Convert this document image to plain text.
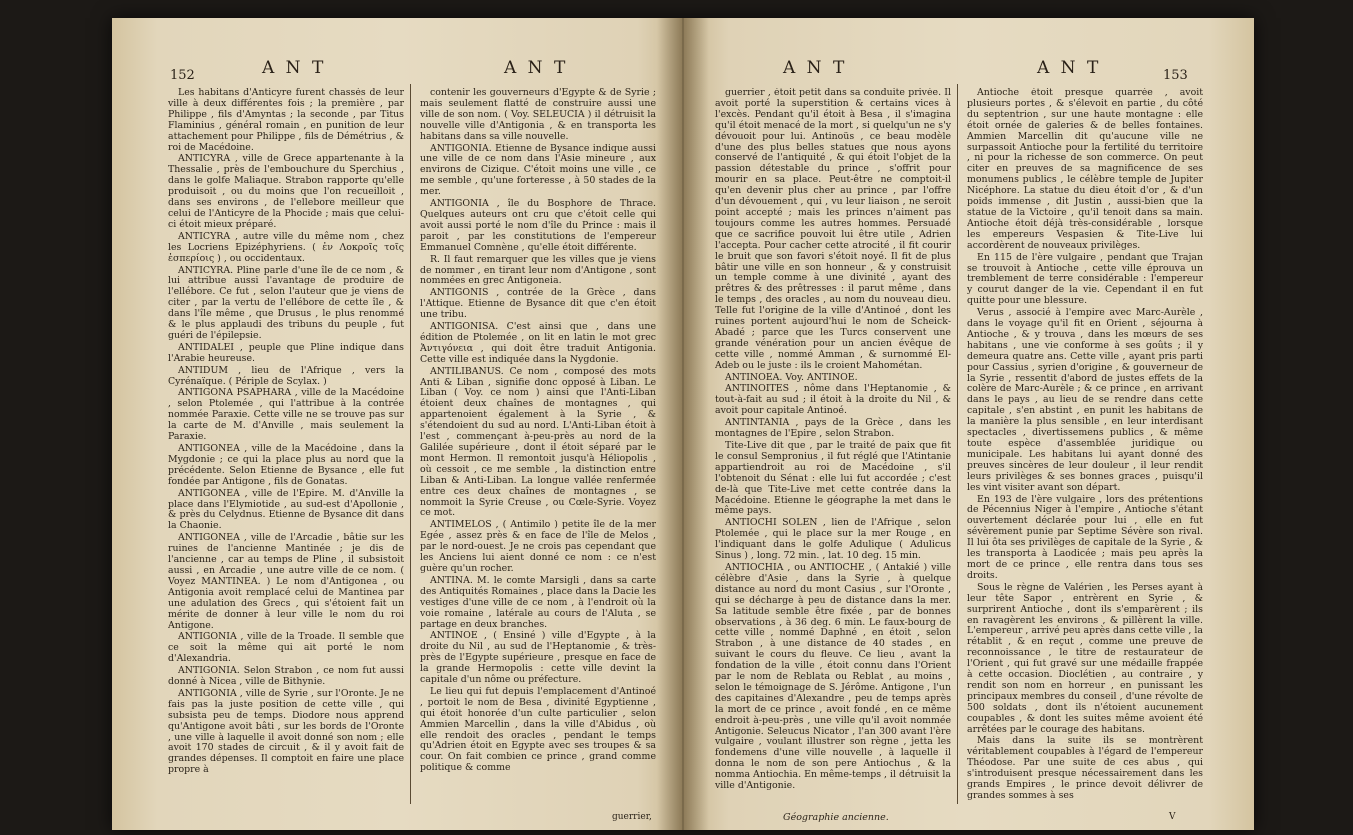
152	A N T	A N T

Les habitans d'Anticyre furent chassés de leur ville à deux différentes fois ; la première , par Philippe , fils d'Amyntas ; la seconde , par Titus Flaminius , général romain , en punition de leur attachement pour Philippe , fils de Démétrius , & roi de Macédoine.

ANTICYRA , ville de Grece appartenante à la Thessalie , près de l'embouchure du Sperchius , dans le golfe Maliaque. Strabon rapporte qu'elle produisoit , ou du moins que l'on recueilloit , dans ses environs , de l'ellebore meilleur que celui de l'Anticyre de la Phocide ; mais que celui-ci étoit mieux préparé.

ANTICYRA , autre ville du même nom , chez les Locriens Epizéphyriens. ( ἐν Λοκροῖς τοῖς ἑσπερίοις ) , ou occidentaux.

ANTICYRA. Pline parle d'une île de ce nom , & lui attribue aussi l'avantage de produire de l'ellébore. Ce fut , selon l'auteur que je viens de citer , par la vertu de l'ellébore de cette île , & dans l'île même , que Drusus , le plus renommé & le plus applaudi des tribuns du peuple , fut guéri de l'épilepsie.

ANTIDALEI , peuple que Pline indique dans l'Arabie heureuse.

ANTIDUM , lieu de l'Afrique , vers la Cyrénaïque. ( Périple de Scylax. )

ANTIGONA PSAPHARA , ville de la Macédoine , selon Ptolemée , qui l'attribue à la contrée nommée Paraxie. Cette ville ne se trouve pas sur la carte de M. d'Anville , mais seulement la Paraxie.

ANTIGONEA , ville de la Macédoine , dans la Mygdonie ; ce qui la place plus au nord que la précédente. Selon Etienne de Bysance , elle fut fondée par Antigone , fils de Gonatas.

ANTIGONEA , ville de l'Epire. M. d'Anville la place dans l'Elymiotide , au sud-est d'Apollonie , & près du Celydnus. Etienne de Bysance dit dans la Chaonie.

ANTIGONEA , ville de l'Arcadie , bâtie sur les ruines de l'ancienne Mantinée ; je dis de l'ancienne , car au temps de Pline , il subsistoit aussi , en Arcadie , une autre ville de ce nom. ( Voyez MANTINEA. ) Le nom d'Antigonea , ou Antigonia avoit remplacé celui de Mantinea par une adulation des Grecs , qui s'étoient fait un mérite de donner à leur ville le nom du roi Antigone.

ANTIGONIA , ville de la Troade. Il semble que ce soit la même qui ait porté le nom d'Alexandria.

ANTIGONIA. Selon Strabon , ce nom fut aussi donné à Nicea , ville de Bithynie.

ANTIGONIA , ville de Syrie , sur l'Oronte. Je ne fais pas la juste position de cette ville , qui subsista peu de temps. Diodore nous apprend qu'Antigone avoit bâti , sur les bords de l'Oronte , une ville à laquelle il avoit donné son nom ; elle avoit 170 stades de circuit , & il y avoit fait de grandes dépenses. Il comptoit en faire une place propre à

contenir les gouverneurs d'Egypte & de Syrie ; mais seulement flatté de construire aussi une ville de son nom. ( Voy. SELEUCIA ) il détruisit la nouvelle ville d'Antigonia , & en transporta les habitans dans sa ville nouvelle.

ANTIGONIA. Etienne de Bysance indique aussi une ville de ce nom dans l'Asie mineure , aux environs de Cizique. C'étoit moins une ville , ce me semble , qu'une forteresse , à 50 stades de la mer.

ANTIGONIA , île du Bosphore de Thrace. Quelques auteurs ont cru que c'étoit celle qui avoit aussi porté le nom d'île du Prince : mais il paroit , par les constitutions de l'empereur Emmanuel Comnène , qu'elle étoit différente.

R. Il faut remarquer que les villes que je viens de nommer , en tirant leur nom d'Antigone , sont nommées en grec Antigoneia.

ANTIGONIS , contrée de la Grèce , dans l'Attique. Etienne de Bysance dit que c'en étoit une tribu.

ANTIGONISA. C'est ainsi que , dans une édition de Ptolemée , on lit en latin le mot grec Ἀντιγόνεια , qui doit être traduit Antigonia. Cette ville est indiquée dans la Nygdonie.

ANTILIBANUS. Ce nom , composé des mots Anti & Liban , signifie donc opposé à Liban. Le Liban ( Voy. ce nom ) ainsi que l'Anti-Liban étoient deux chaînes de montagnes , qui appartenoient également à la Syrie , & s'étendoient du sud au nord. L'Anti-Liban étoit à l'est , commençant à-peu-près au nord de la Galilée supérieure , dont il étoit séparé par le mont Hermon. Il remontoit jusqu'à Héliopolis , où cessoit , ce me semble , la distinction entre Liban & Anti-Liban. La longue vallée renfermée entre ces deux chaînes de montagnes , se nommoit la Syrie Creuse , ou Cœle-Syrie. Voyez ce mot.

ANTIMELOS , ( Antimilo ) petite île de la mer Egée , assez près & en face de l'île de Melos , par le nord-ouest. Je ne crois pas cependant que les Anciens lui aient donné ce nom : ce n'est guère qu'un rocher.

ANTINA. M. le comte Marsigli , dans sa carte des Antiquités Romaines , place dans la Dacie les vestiges d'une ville de ce nom , à l'endroit où la voie romaine , latérale au cours de l'Aluta , se partage en deux branches.

ANTINOE , ( Ensiné ) ville d'Egypte , à la droite du Nil , au sud de l'Heptanomie , & très-près de l'Egypte supérieure , presque en face de la grande Hermopolis : cette ville devint la capitale d'un nôme ou préfecture.

Le lieu qui fut depuis l'emplacement d'Antinoé , portoit le nom de Besa , divinité Egyptienne , qui étoit honorée d'un culte particulier , selon Ammien Marcellin , dans la ville d'Abidus , où elle rendoit des oracles , pendant le temps qu'Adrien étoit en Egypte avec ses troupes & sa cour. On fait combien ce prince , grand comme politique & comme

guerrier,
A N T	A N T	153

guerrier , étoit petit dans sa conduite privée. Il avoit porté la superstition & certains vices à l'excès. Pendant qu'il étoit à Besa , il s'imagina qu'il étoit menacé de la mort , si quelqu'un ne s'y dévouoit pour lui. Antinoüs , ce beau modèle d'une des plus belles statues que nous ayons conservé de l'antiquité , & qui étoit l'objet de la passion détestable du prince , s'offrit pour mourir en sa place. Peut-être ne comptoit-il qu'en devenir plus cher au prince , par l'offre d'un dévouement , qui , vu leur liaison , ne seroit point accepté ; mais les princes n'aiment pas toujours comme les autres hommes. Persuadé que ce sacrifice pouvoit lui être utile , Adrien l'accepta. Pour cacher cette atrocité , il fit courir le bruit que son favori s'étoit noyé. Il fit de plus bâtir une ville en son honneur , & y construisit un temple comme à une divinité , ayant des prêtres & des prêtresses : il parut même , dans le temps , des oracles , au nom du nouveau dieu. Telle fut l'origine de la ville d'Antinoé , dont les ruines portent aujourd'hui le nom de Scheick-Abadé ; parce que les Turcs conservent une grande vénération pour un ancien évêque de cette ville , nommé Amman , & surnommé El-Adeb ou le juste : ils le croient Mahométan.

ANTINOEA. Voy. ANTINOE.

ANTINOITES , nôme dans l'Heptanomie , & tout-à-fait au sud ; il étoit à la droite du Nil , & avoit pour capitale Antinoé.

ANTINTANIA , pays de la Grèce , dans les montagnes de l'Epire , selon Strabon.

Tite-Live dit que , par le traité de paix que fit le consul Sempronius , il fut réglé que l'Atintanie appartiendroit au roi de Macédoine , s'il l'obtenoit du Sénat : elle lui fut accordée ; c'est de-là que Tite-Live met cette contrée dans la Macédoine. Etienne le géographe la met dans le même pays.

ANTIOCHI SOLEN , lien de l'Afrique , selon Ptolemée , qui le place sur la mer Rouge , en l'indiquant dans le golfe Adulique ( Adulicus Sinus ) , long. 72 min. , lat. 10 deg. 15 min.

ANTIOCHIA , ou ANTIOCHE , ( Antakié ) ville célèbre d'Asie , dans la Syrie , à quelque distance au nord du mont Casius , sur l'Oronte , qui se décharge à peu de distance dans la mer. Sa latitude semble être fixée , par de bonnes observations , à 36 deg. 6 min. Le faux-bourg de cette ville , nommé Daphné , en étoit , selon Strabon , à une distance de 40 stades , en suivant le cours du fleuve. Ce lieu , avant la fondation de la ville , étoit connu dans l'Orient par le nom de Reblata ou Reblat , au moins , selon le témoignage de S. Jérôme. Antigone , l'un des capitaines d'Alexandre , peu de temps après la mort de ce prince , avoit fondé , en ce même endroit à-peu-près , une ville qu'il avoit nommée Antigonie. Seleucus Nicator , l'an 300 avant l'ère vulgaire , voulant illustrer son règne , jetta les fondemens d'une ville nouvelle , à laquelle il donna le nom de son pere Antiochus , & la nomma Antiochia. En même-temps , il détruisit la ville d'Antigonie.

Antioche étoit presque quarrée , avoit plusieurs portes , & s'élevoit en partie , du côté du septentrion , sur une haute montagne : elle étoit ornée de galeries & de belles fontaines. Ammien Marcellin dit qu'aucune ville ne surpassoit Antioche pour la fertilité du territoire , ni pour la richesse de son commerce. On peut citer en preuves de sa magnificence de ses monumens publics , le célèbre temple de Jupiter Nicéphore. La statue du dieu étoit d'or , & d'un poids immense , dit Justin , aussi-bien que la statue de la Victoire , qu'il tenoit dans sa main. Antioche étoit déjà très-considérable , lorsque les empereurs Vespasien & Tite-Live lui accordèrent de nouveaux privilèges.

En 115 de l'ère vulgaire , pendant que Trajan se trouvoit à Antioche , cette ville éprouva un tremblement de terre considérable : l'empereur y courut danger de la vie. Cependant il en fut quitte pour une blessure.

Verus , associé à l'empire avec Marc-Aurèle , dans le voyage qu'il fit en Orient , séjourna à Antioche , & y trouva , dans les mœurs de ses habitans , une vie conforme à ses goûts ; il y demeura quatre ans. Cette ville , ayant pris parti pour Cassius , syrien d'origine , & gouverneur de la Syrie , ressentit d'abord de justes effets de la colère de Marc-Aurèle ; & ce prince , en arrivant dans le pays , au lieu de se rendre dans cette capitale , s'en abstint , en punit les habitans de la manière la plus sensible , en leur interdisant spectacles , divertissemens publics , & même toute espèce d'assemblée juridique ou municipale. Les habitans lui ayant donné des preuves sincères de leur douleur , il leur rendit leurs privilèges & ses bonnes graces , puisqu'il les vint visiter avant son départ.

En 193 de l'ère vulgaire , lors des prétentions de Pécennius Niger à l'empire , Antioche s'étant ouvertement déclarée pour lui , elle en fut sévèrement punie par Septime Sévère son rival. Il lui ôta ses privilèges de capitale de la Syrie , & les transporta à Laodicée ; mais peu après la mort de ce prince , elle rentra dans tous ses droits.

Sous le règne de Valérien , les Perses ayant à leur tête Sapor , entrèrent en Syrie , & surprirent Antioche , dont ils s'emparèrent ; ils en ravagèrent les environs , & pillèrent la ville. L'empereur , arrivé peu après dans cette ville , la rétablit , & en reçut , comme une preuve de reconnoissance , le titre de restaurateur de l'Orient , qui fut gravé sur une médaille frappée à cette occasion. Dioclétien , au contraire , y rendit son nom en horreur , en punissant les principaux membres du conseil , d'une révolte de 500 soldats , dont ils n'étoient aucunement coupables , & dont les suites même avoient été arrêtées par le courage des habitans.

Mais dans la suite ils se montrèrent véritablement coupables à l'égard de l'empereur Théodose. Par une suite de ces abus , qui s'introduisent presque nécessairement dans les grands Empires , le prince devoit délivrer de grandes sommes à ses

Géographie ancienne.	V
